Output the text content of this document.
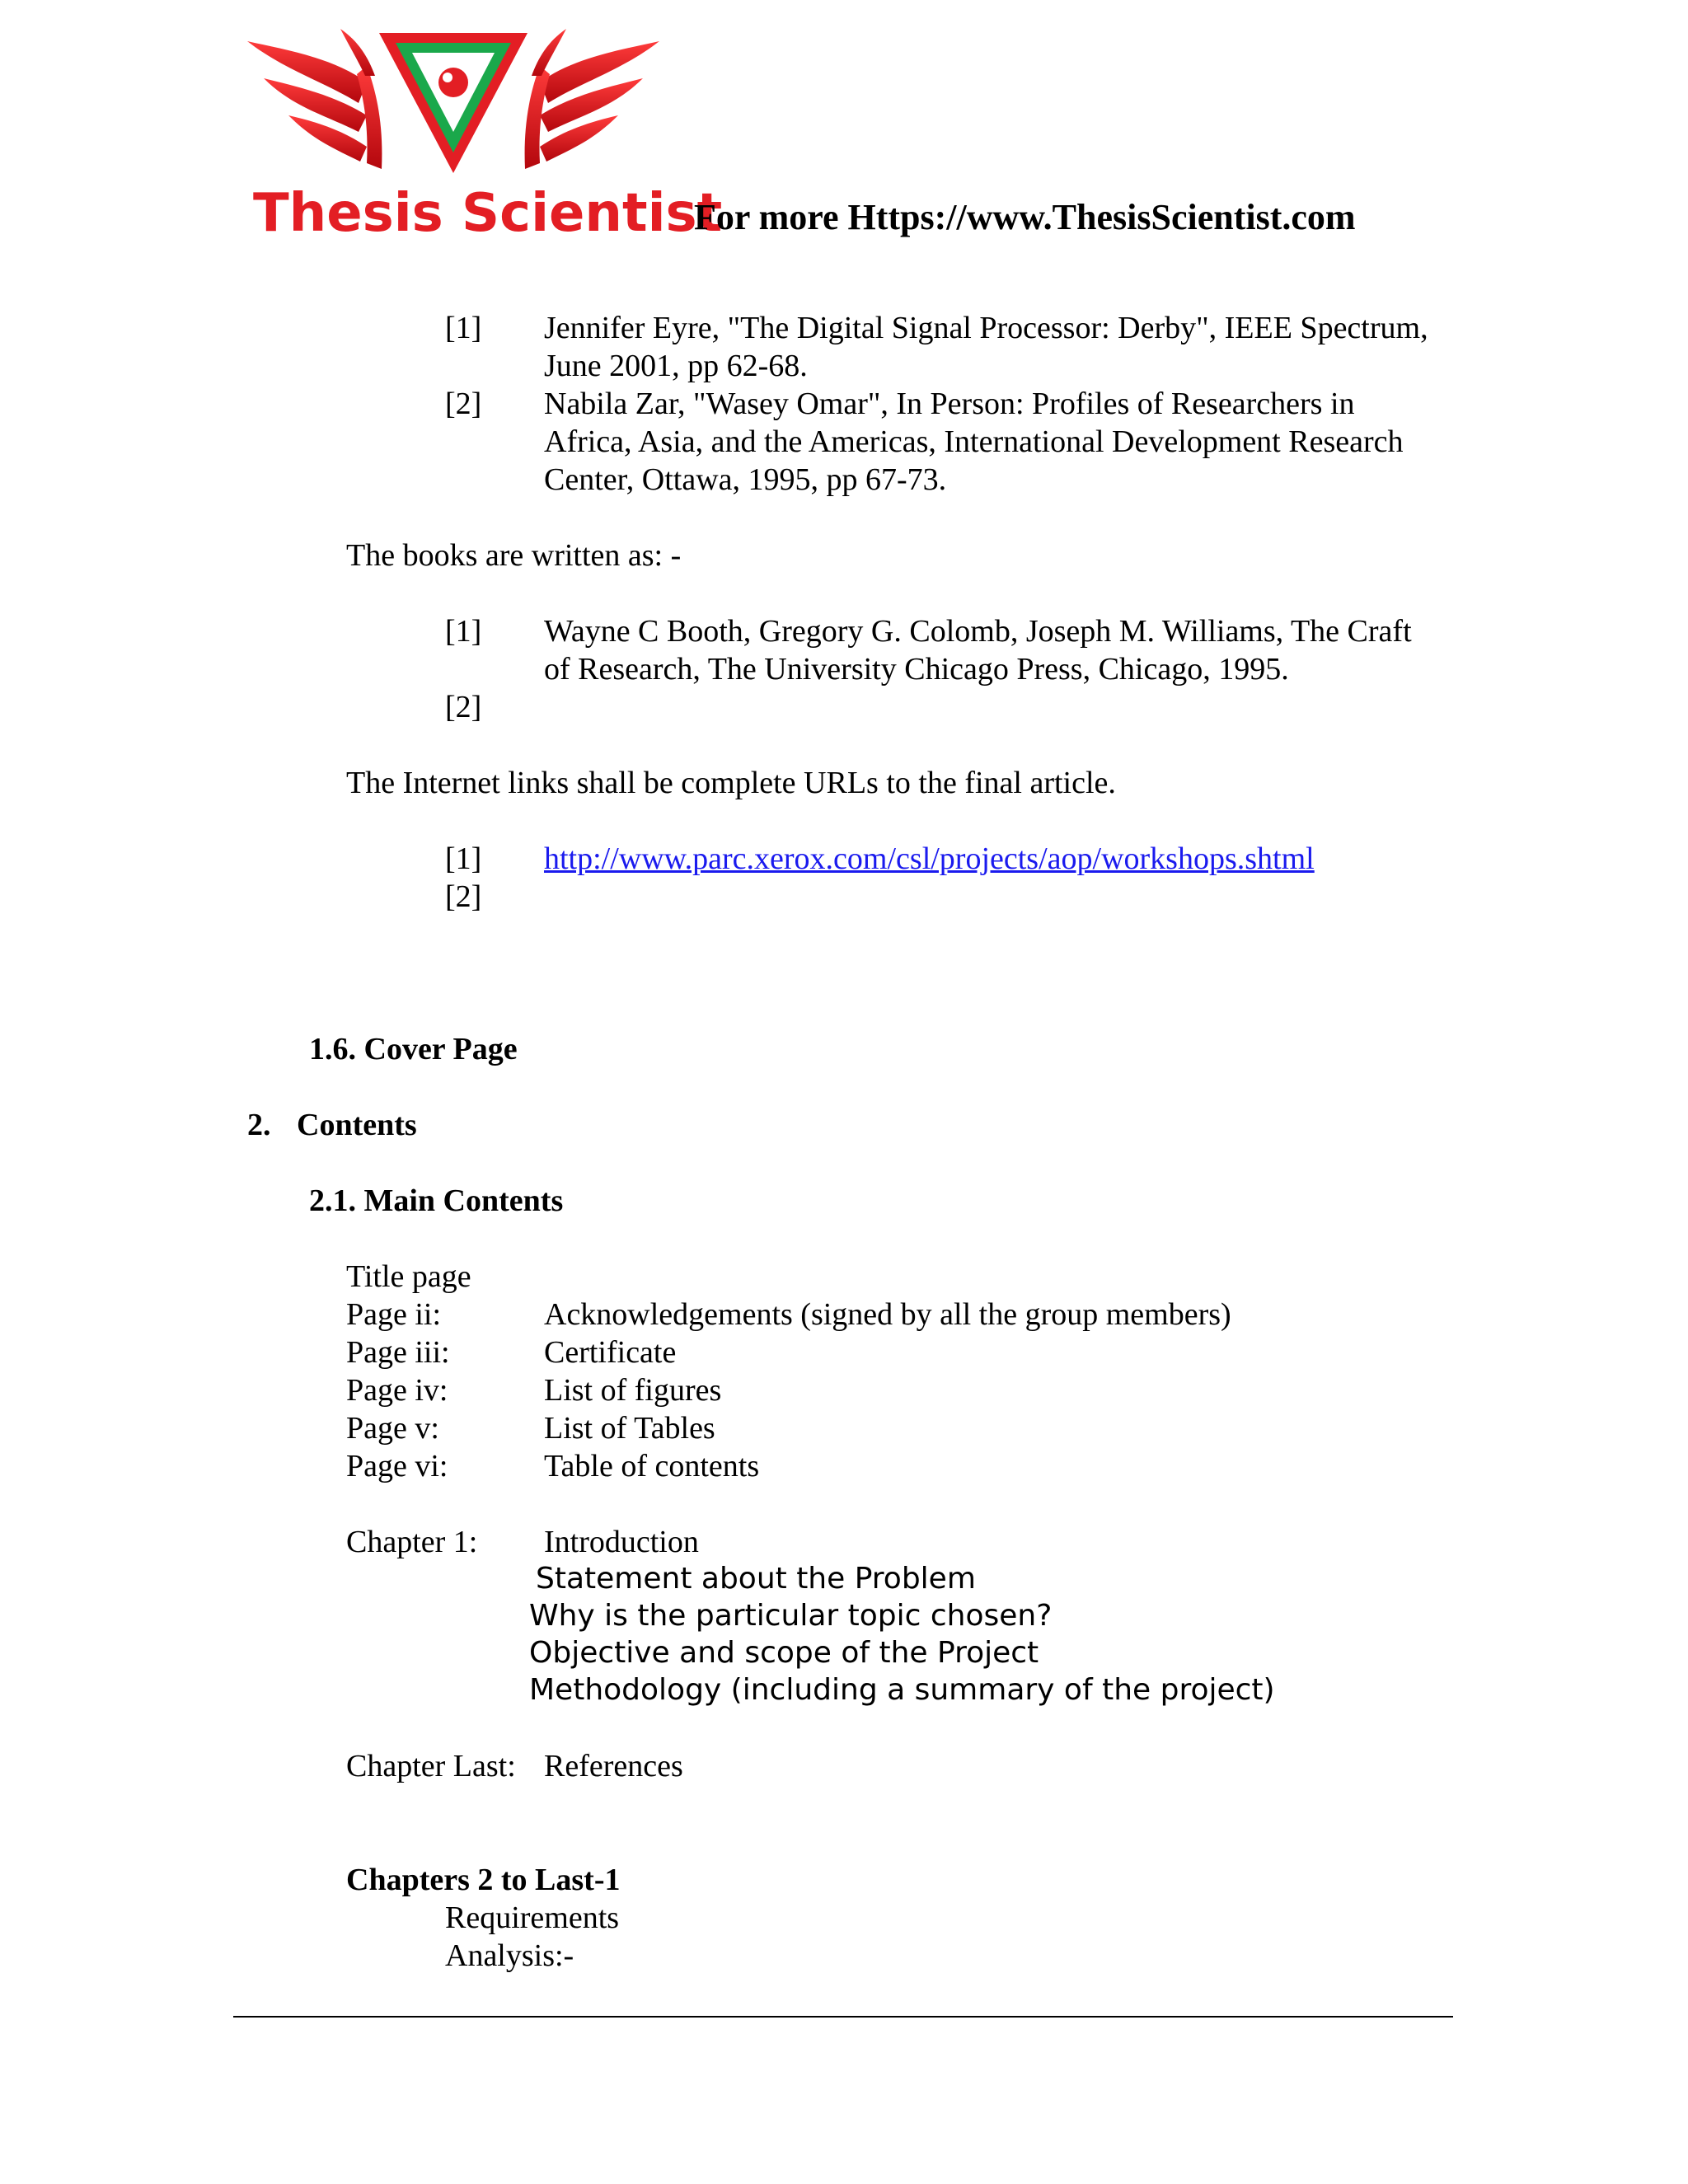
Thesis Scientist
For more Https://www.ThesisScientist.com
[1] Jennifer Eyre, "The Digital Signal Processor: Derby", IEEE Spectrum,
June 2001, pp 62-68.
[2] Nabila Zar, "Wasey Omar", In Person: Profiles of Researchers in
Africa, Asia, and the Americas, International Development Research
Center, Ottawa, 1995, pp 67-73.
The books are written as: -
[1] Wayne C Booth, Gregory G. Colomb, Joseph M. Williams, The Craft
of Research, The University Chicago Press, Chicago, 1995.
[2]
The Internet links shall be complete URLs to the final article.
[1] http://www.parc.xerox.com/csl/projects/aop/workshops.shtml
[2]
1.6. Cover Page
2. Contents
2.1. Main Contents
Title page
Page ii:	Acknowledgements (signed by all the group members)
Page iii:	Certificate
Page iv:	List of figures
Page v:	List of Tables
Page vi:	Table of contents
Chapter 1: Introduction
Statement about the Problem
Why is the particular topic chosen?
Objective and scope of the Project
Methodology (including a summary of the project)
Chapter Last: References
Chapters 2 to Last-1
Requirements
Analysis:-
